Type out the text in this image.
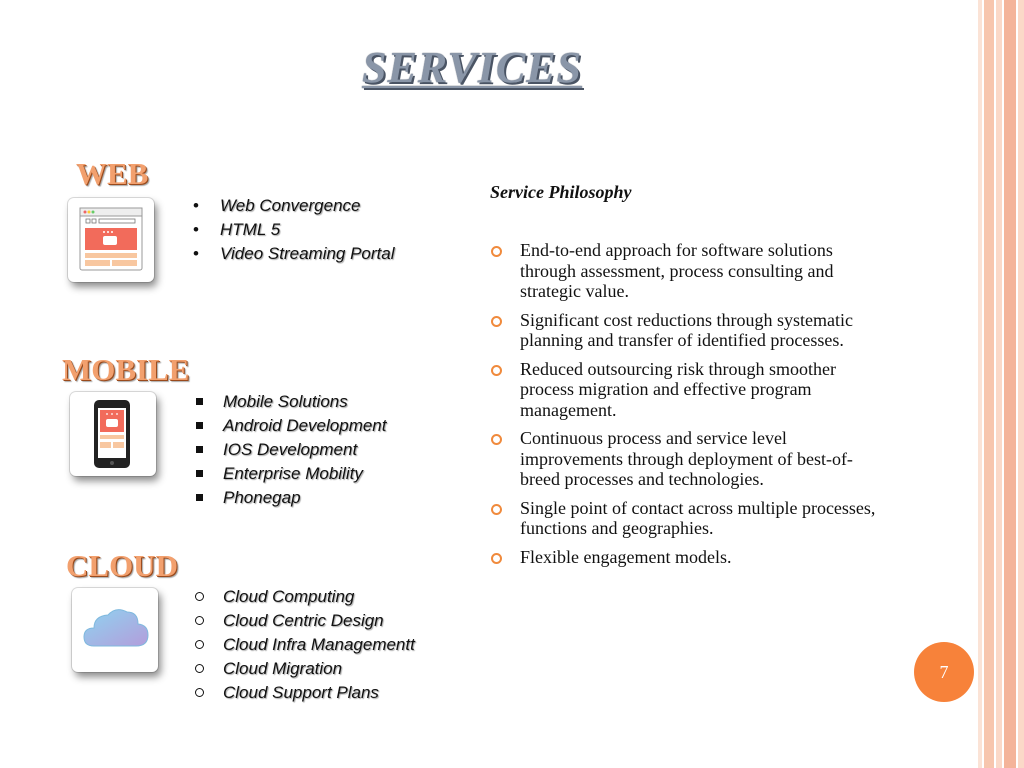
SERVICES
WEB
•	Web Convergence
•	HTML 5
•	Video Streaming Portal
MOBILE
Mobile Solutions
Android Development
IOS Development
Enterprise Mobility
Phonegap
CLOUD
Cloud Computing
Cloud Centric Design
Cloud Infra Managementt
Cloud Migration
Cloud Support Plans
Service Philosophy
End-to-end approach for software solutions through assessment, process consulting and strategic value.
Significant cost reductions through systematic planning and transfer of identified processes.
Reduced outsourcing risk through smoother process migration and effective program management.
Continuous process and service level improvements through deployment of best-of-breed processes and technologies.
Single point of contact across multiple processes, functions and geographies.
Flexible engagement models.
7
